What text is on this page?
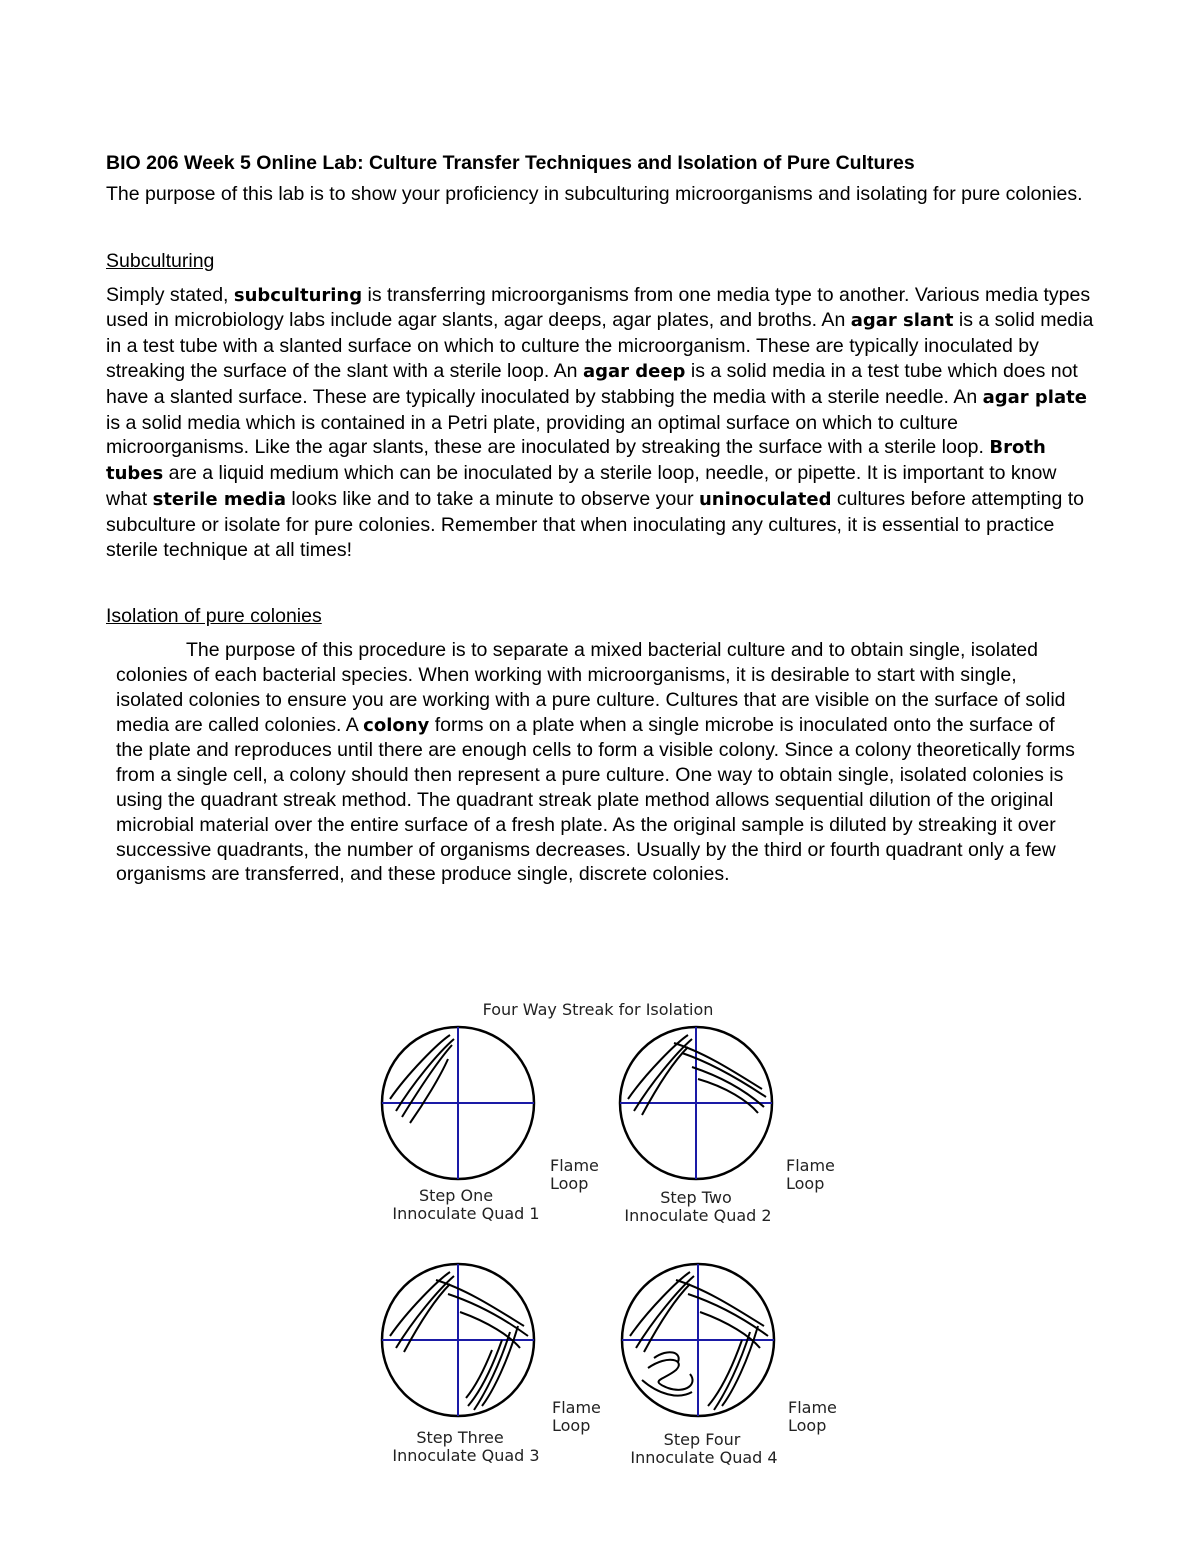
BIO 206 Week 5 Online Lab: Culture Transfer Techniques and Isolation of Pure Cultures

The purpose of this lab is to show your proficiency in subculturing microorganisms and isolating for pure colonies.

Subculturing

Simply stated, subculturing is transferring microorganisms from one media type to another. Various media types used in microbiology labs include agar slants, agar deeps, agar plates, and broths. An agar slant is a solid media in a test tube with a slanted surface on which to culture the microorganism. These are typically inoculated by streaking the surface of the slant with a sterile loop. An agar deep is a solid media in a test tube which does not have a slanted surface. These are typically inoculated by stabbing the media with a sterile needle. An agar plate is a solid media which is contained in a Petri plate, providing an optimal surface on which to culture microorganisms. Like the agar slants, these are inoculated by streaking the surface with a sterile loop. Broth tubes are a liquid medium which can be inoculated by a sterile loop, needle, or pipette. It is important to know what sterile media looks like and to take a minute to observe your uninoculated cultures before attempting to subculture or isolate for pure colonies. Remember that when inoculating any cultures, it is essential to practice sterile technique at all times!

Isolation of pure colonies

The purpose of this procedure is to separate a mixed bacterial culture and to obtain single, isolated colonies of each bacterial species. When working with microorganisms, it is desirable to start with single, isolated colonies to ensure you are working with a pure culture. Cultures that are visible on the surface of solid media are called colonies. A colony forms on a plate when a single microbe is inoculated onto the surface of the plate and reproduces until there are enough cells to form a visible colony. Since a colony theoretically forms from a single cell, a colony should then represent a pure culture. One way to obtain single, isolated colonies is using the quadrant streak method. The quadrant streak plate method allows sequential dilution of the original microbial material over the entire surface of a fresh plate. As the original sample is diluted by streaking it over successive quadrants, the number of organisms decreases. Usually by the third or fourth quadrant only a few organisms are transferred, and these produce single, discrete colonies.

Four Way Streak for Isolation
Flame
Loop
Step One
Innoculate Quad 1
Flame
Loop
Step Two
Innoculate Quad 2
Flame
Loop
Step Three
Innoculate Quad 3
Flame
Loop
Step Four
Innoculate Quad 4
